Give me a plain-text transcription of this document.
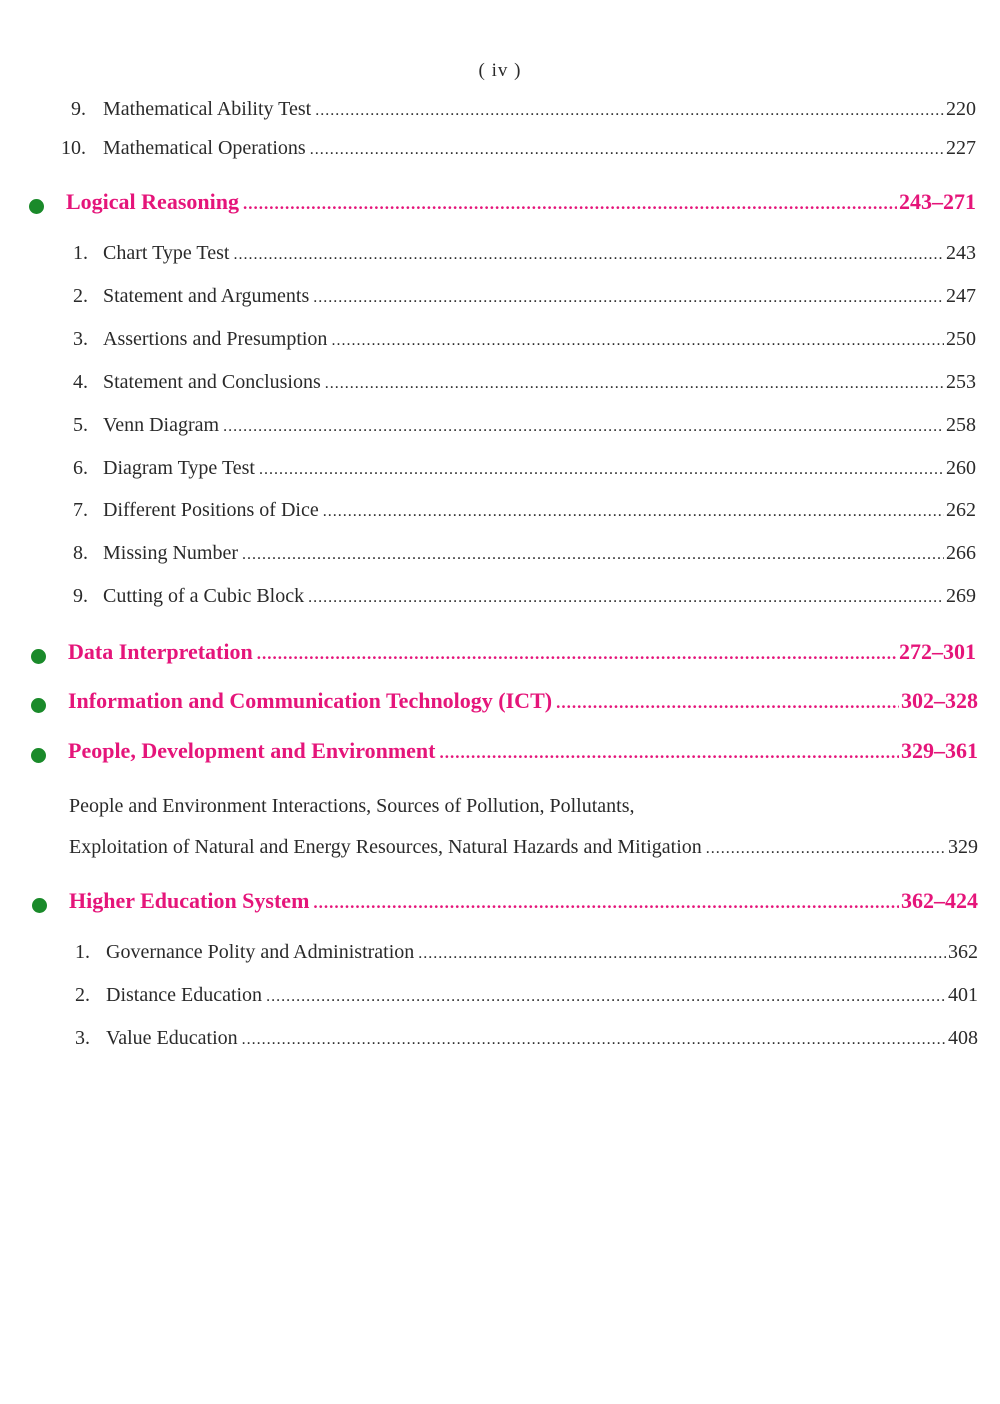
( iv )
9. Mathematical Ability Test .....	220
10. Mathematical Operations .....	227
Logical Reasoning .....	243–271
1. Chart Type Test .....	243
2. Statement and Arguments .....	247
3. Assertions and Presumption .....	250
4. Statement and Conclusions .....	253
5. Venn Diagram .....	258
6. Diagram Type Test .....	260
7. Different Positions of Dice .....	262
8. Missing Number .....	266
9. Cutting of a Cubic Block .....	269
Data Interpretation .....	272–301
Information and Communication Technology (ICT) .....	302–328
People, Development and Environment .....	329–361
People and Environment Interactions, Sources of Pollution, Pollutants,
Exploitation of Natural and Energy Resources, Natural Hazards and Mitigation .....	329
Higher Education System .....	362–424
1. Governance Polity and Administration .....	362
2. Distance Education .....	401
3. Value Education .....	408
